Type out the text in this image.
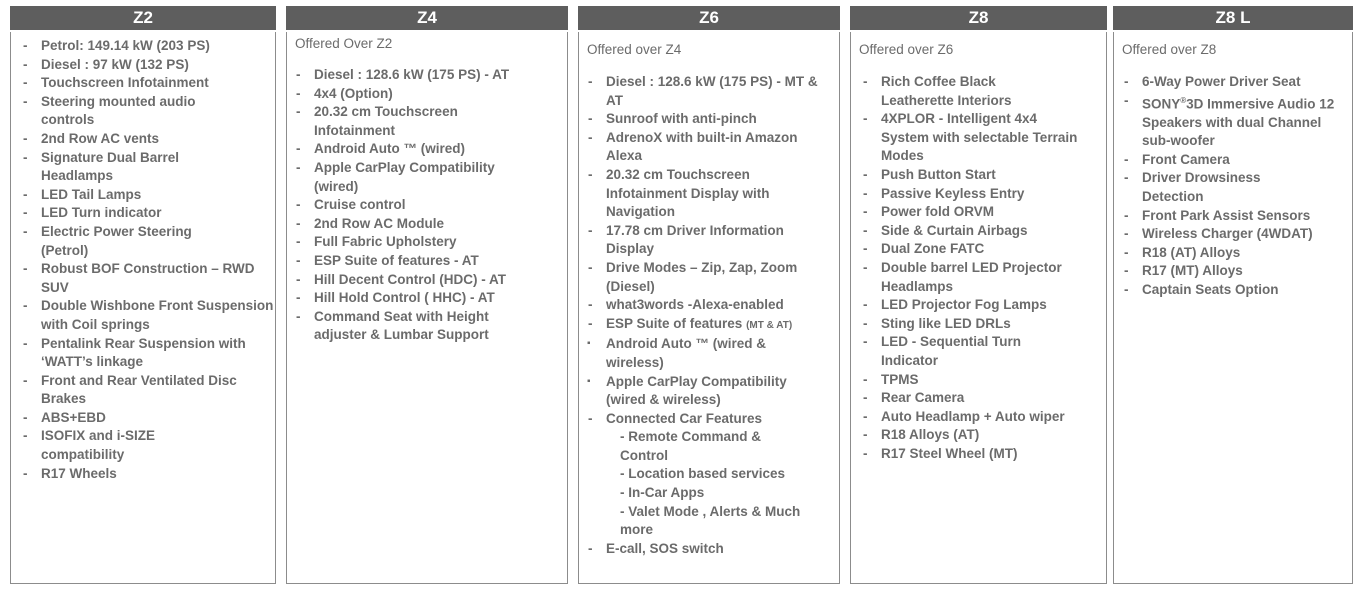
Z2
- Petrol: 149.14 kW (203 PS)
- Diesel : 97 kW (132 PS)
- Touchscreen Infotainment
- Steering mounted audio controls
- 2nd Row AC vents
- Signature Dual Barrel Headlamps
- LED Tail Lamps
- LED Turn indicator
- Electric Power Steering (Petrol)
- Robust BOF Construction – RWD SUV
- Double Wishbone Front Suspension with Coil springs
- Pentalink Rear Suspension with ‘WATT’s linkage
- Front and Rear Ventilated Disc Brakes
- ABS+EBD
- ISOFIX and i-SIZE compatibility
- R17 Wheels
Z4
Offered Over Z2
- Diesel : 128.6 kW (175 PS) - AT
- 4x4 (Option)
- 20.32 cm Touchscreen Infotainment
- Android Auto ™ (wired)
- Apple CarPlay Compatibility (wired)
- Cruise control
- 2nd Row AC Module
- Full Fabric Upholstery
- ESP Suite of features - AT
- Hill Decent Control (HDC) - AT
- Hill Hold Control ( HHC) - AT
- Command Seat with Height adjuster & Lumbar Support
Z6
Offered over Z4
- Diesel : 128.6 kW (175 PS) - MT & AT
- Sunroof with anti-pinch
- AdrenoX with built-in Amazon Alexa
- 20.32 cm Touchscreen Infotainment Display with Navigation
- 17.78 cm Driver Information Display
- Drive Modes – Zip, Zap, Zoom (Diesel)
- what3words -Alexa-enabled
- ESP Suite of features (MT & AT)
▪ Android Auto ™ (wired & wireless)
▪ Apple CarPlay Compatibility (wired & wireless)
- Connected Car Features
- Remote Command & Control
- Location based services
- In-Car Apps
- Valet Mode , Alerts & Much more
- E-call, SOS switch
Z8
Offered over Z6
- Rich Coffee Black Leatherette Interiors
- 4XPLOR - Intelligent 4x4 System with selectable Terrain Modes
- Push Button Start
- Passive Keyless Entry
- Power fold ORVM
- Side & Curtain Airbags
- Dual Zone FATC
- Double barrel LED Projector Headlamps
- LED Projector Fog Lamps
- Sting like LED DRLs
- LED - Sequential Turn Indicator
- TPMS
- Rear Camera
- Auto Headlamp + Auto wiper
- R18 Alloys (AT)
- R17 Steel Wheel (MT)
Z8 L
Offered over Z8
- 6-Way Power Driver Seat
- SONY®3D Immersive Audio 12 Speakers with dual Channel sub-woofer
- Front Camera
- Driver Drowsiness Detection
- Front Park Assist Sensors
- Wireless Charger (4WDAT)
- R18 (AT) Alloys
- R17 (MT) Alloys
- Captain Seats Option
